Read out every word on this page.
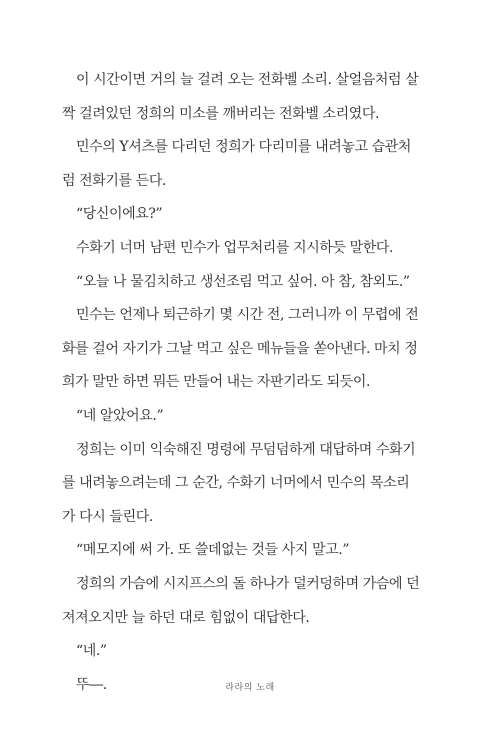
이 시간이면 거의 늘 걸려 오는 전화벨 소리. 살얼음처럼 살
짝 걸려있던 정희의 미소를 깨버리는 전화벨 소리였다.
민수의 Y셔츠를 다리던 정희가 다리미를 내려놓고 습관처
럼 전화기를 든다.
“당신이에요?”
수화기 너머 남편 민수가 업무처리를 지시하듯 말한다.
“오늘 나 물김치하고 생선조림 먹고 싶어. 아 참, 참외도.”
민수는 언제나 퇴근하기 몇 시간 전, 그러니까 이 무렵에 전
화를 걸어 자기가 그날 먹고 싶은 메뉴들을 쏟아낸다. 마치 정
희가 말만 하면 뭐든 만들어 내는 자판기라도 되듯이.
“네 알았어요.”
정희는 이미 익숙해진 명령에 무덤덤하게 대답하며 수화기
를 내려놓으려는데 그 순간, 수화기 너머에서 민수의 목소리
가 다시 들린다.
“메모지에 써 가. 또 쓸데없는 것들 사지 말고.”
정희의 가슴에 시지프스의 돌 하나가 덜커덩하며 가슴에 던
져져오지만 늘 하던 대로 힘없이 대답한다.
“네.”
뚜―.	라라의 노래
